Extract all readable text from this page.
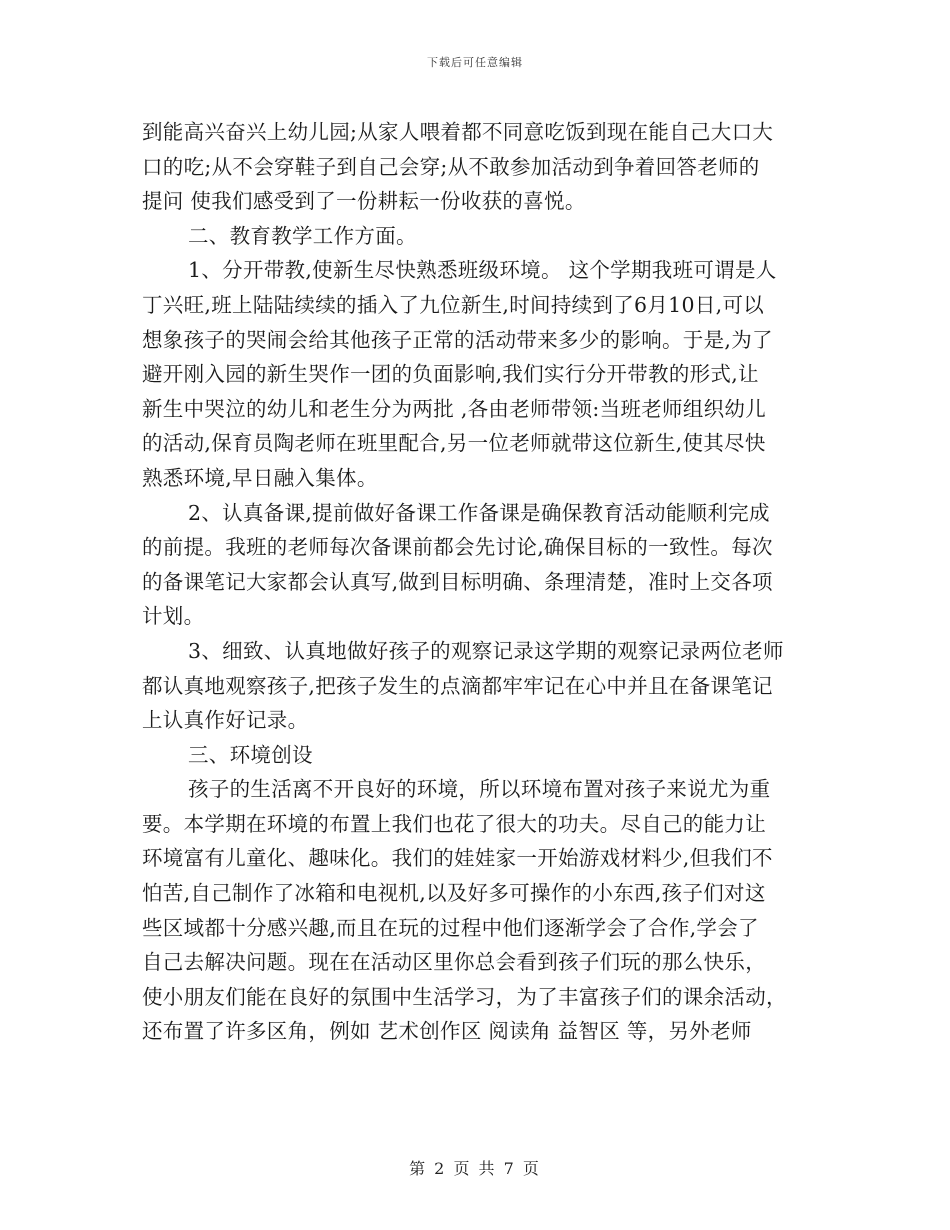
下载后可任意编辑
到能高兴奋兴上幼儿园;从家人喂着都不同意吃饭到现在能自己大口大
口的吃;从不会穿鞋子到自己会穿;从不敢参加活动到争着回答老师的
提问 使我们感受到了一份耕耘一份收获的喜悦。
二、教育教学工作方面。
1、分开带教,使新生尽快熟悉班级环境。 这个学期我班可谓是人
丁兴旺,班上陆陆续续的插入了九位新生,时间持续到了6月10日,可以
想象孩子的哭闹会给其他孩子正常的活动带来多少的影响。于是,为了
避开刚入园的新生哭作一团的负面影响,我们实行分开带教的形式,让
新生中哭泣的幼儿和老生分为两批 ,各由老师带领:当班老师组织幼儿
的活动,保育员陶老师在班里配合,另一位老师就带这位新生,使其尽快
熟悉环境,早日融入集体。
2、认真备课,提前做好备课工作备课是确保教育活动能顺利完成
的前提。我班的老师每次备课前都会先讨论,确保目标的一致性。每次
的备课笔记大家都会认真写,做到目标明确、条理清楚，准时上交各项
计划。
3、细致、认真地做好孩子的观察记录这学期的观察记录两位老师
都认真地观察孩子,把孩子发生的点滴都牢牢记在心中并且在备课笔记
上认真作好记录。
三、环境创设
孩子的生活离不开良好的环境，所以环境布置对孩子来说尤为重
要。本学期在环境的布置上我们也花了很大的功夫。尽自己的能力让
环境富有儿童化、趣味化。我们的娃娃家一开始游戏材料少,但我们不
怕苦,自己制作了冰箱和电视机,以及好多可操作的小东西,孩子们对这
些区域都十分感兴趣,而且在玩的过程中他们逐渐学会了合作,学会了
自己去解决问题。现在在活动区里你总会看到孩子们玩的那么快乐，
使小朋友们能在良好的氛围中生活学习，为了丰富孩子们的课余活动，
还布置了许多区角，例如 艺术创作区 阅读角 益智区 等，另外老师
第 2 页 共 7 页
